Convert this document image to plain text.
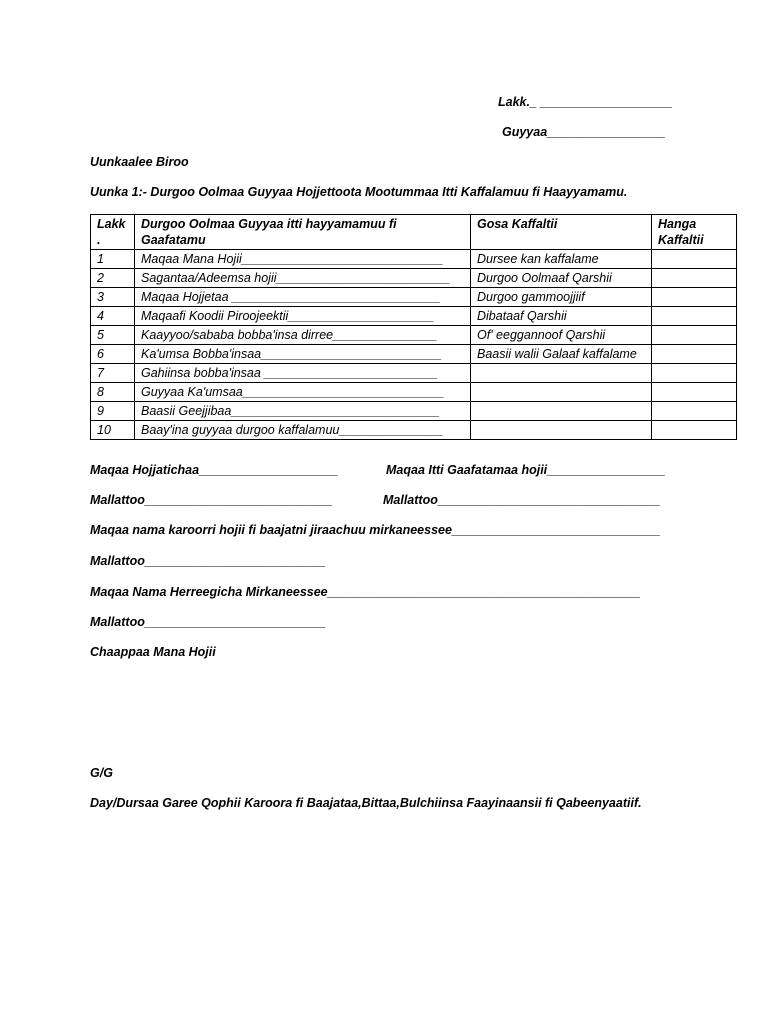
Lakk._ ___________________
Guyyaa_________________
Uunkaalee Biroo
Uunka 1:- Durgoo Oolmaa Guyyaa Hojjettoota Mootummaa Itti Kaffalamuu fi Haayyamamu.
Lakk .	Durgoo Oolmaa Guyyaa itti hayyamamuu fi Gaafatamu	Gosa Kaffaltii	Hanga Kaffaltii
1	Maqaa Mana Hojii_____________________________	Dursee kan kaffalame	
2	Sagantaa/Adeemsa hojii_________________________	Durgoo Oolmaaf Qarshii	
3	Maqaa Hojjetaa ______________________________	Durgoo gammoojjiif	
4	Maqaafi Koodii Piroojeektii_____________________	Dibataaf Qarshii	
5	Kaayyoo/sababa bobba'insa dirree_______________	Of' eeggannoof Qarshii	
6	Ka'umsa Bobba'insaa__________________________	Baasii walii Galaaf kaffalame	
7	Gahiinsa bobba'insaa _________________________		
8	Guyyaa Ka'umsaa_____________________________		
9	Baasii Geejjibaa______________________________		
10	Baay'ina guyyaa durgoo kaffalamuu_______________		
Maqaa Hojjatichaa____________________	Maqaa Itti Gaafatamaa hojii_________________
Mallattoo___________________________	Mallattoo________________________________
Maqaa nama karoorri hojii fi baajatni jiraachuu mirkaneessee______________________________
Mallattoo__________________________
Maqaa Nama Herreegicha Mirkaneessee_____________________________________________
Mallattoo__________________________
Chaappaa Mana Hojii
G/G
Day/Dursaa Garee Qophii Karoora fi Baajataa,Bittaa,Bulchiinsa Faayinaansii fi Qabeenyaatiif.
